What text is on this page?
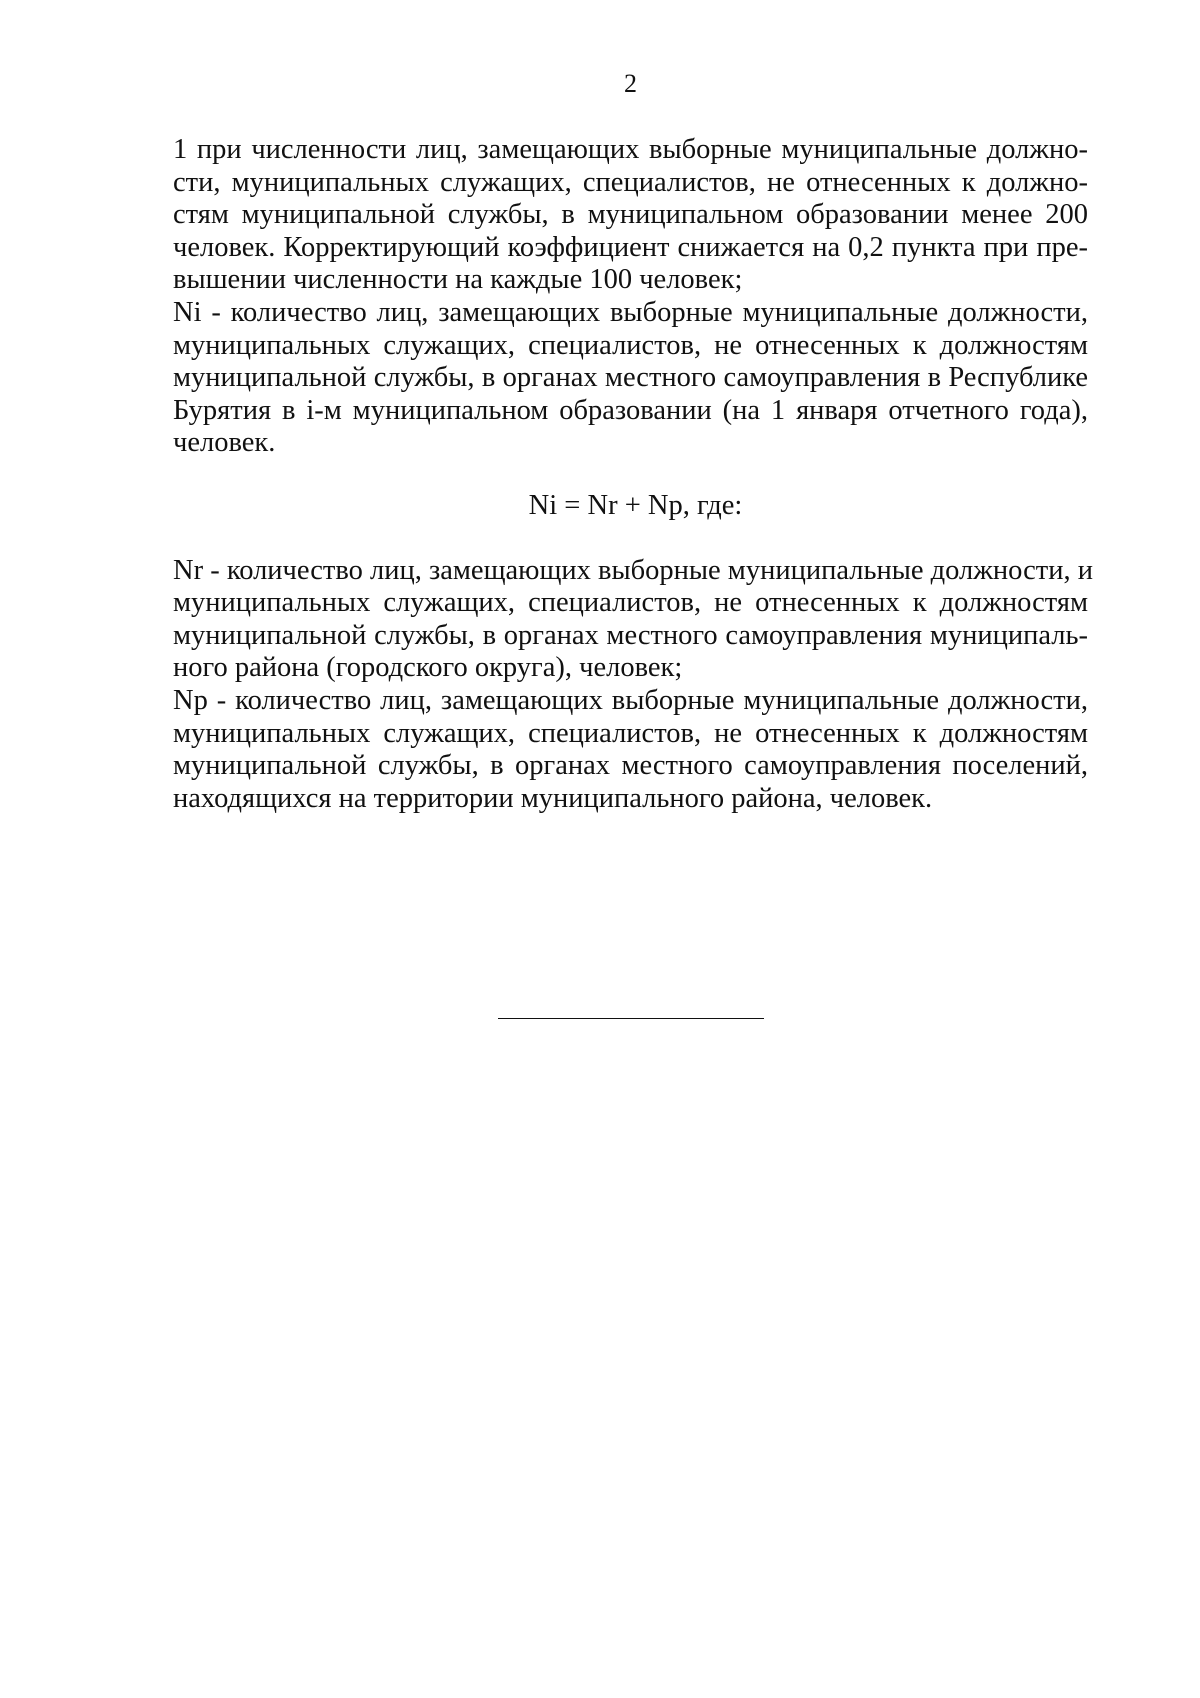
2
1 при численности лиц, замещающих выборные муниципальные должно-
сти, муниципальных служащих, специалистов, не отнесенных к должно-
стям муниципальной службы, в муниципальном образовании менее 200
человек. Корректирующий коэффициент снижается на 0,2 пункта при пре-
вышении численности на каждые 100 человек;
Ni - количество лиц, замещающих выборные муниципальные должности,
муниципальных служащих, специалистов, не отнесенных к должностям
муниципальной службы, в органах местного самоуправления в Республике
Бурятия в i-м муниципальном образовании (на 1 января отчетного года),
человек.
Ni = Nr + Np, где:
Nr - количество лиц, замещающих выборные муниципальные должности, и
муниципальных служащих, специалистов, не отнесенных к должностям
муниципальной службы, в органах местного самоуправления муниципаль-
ного района (городского округа), человек;
Np - количество лиц, замещающих выборные муниципальные должности,
муниципальных служащих, специалистов, не отнесенных к должностям
муниципальной службы, в органах местного самоуправления поселений,
находящихся на территории муниципального района, человек.
